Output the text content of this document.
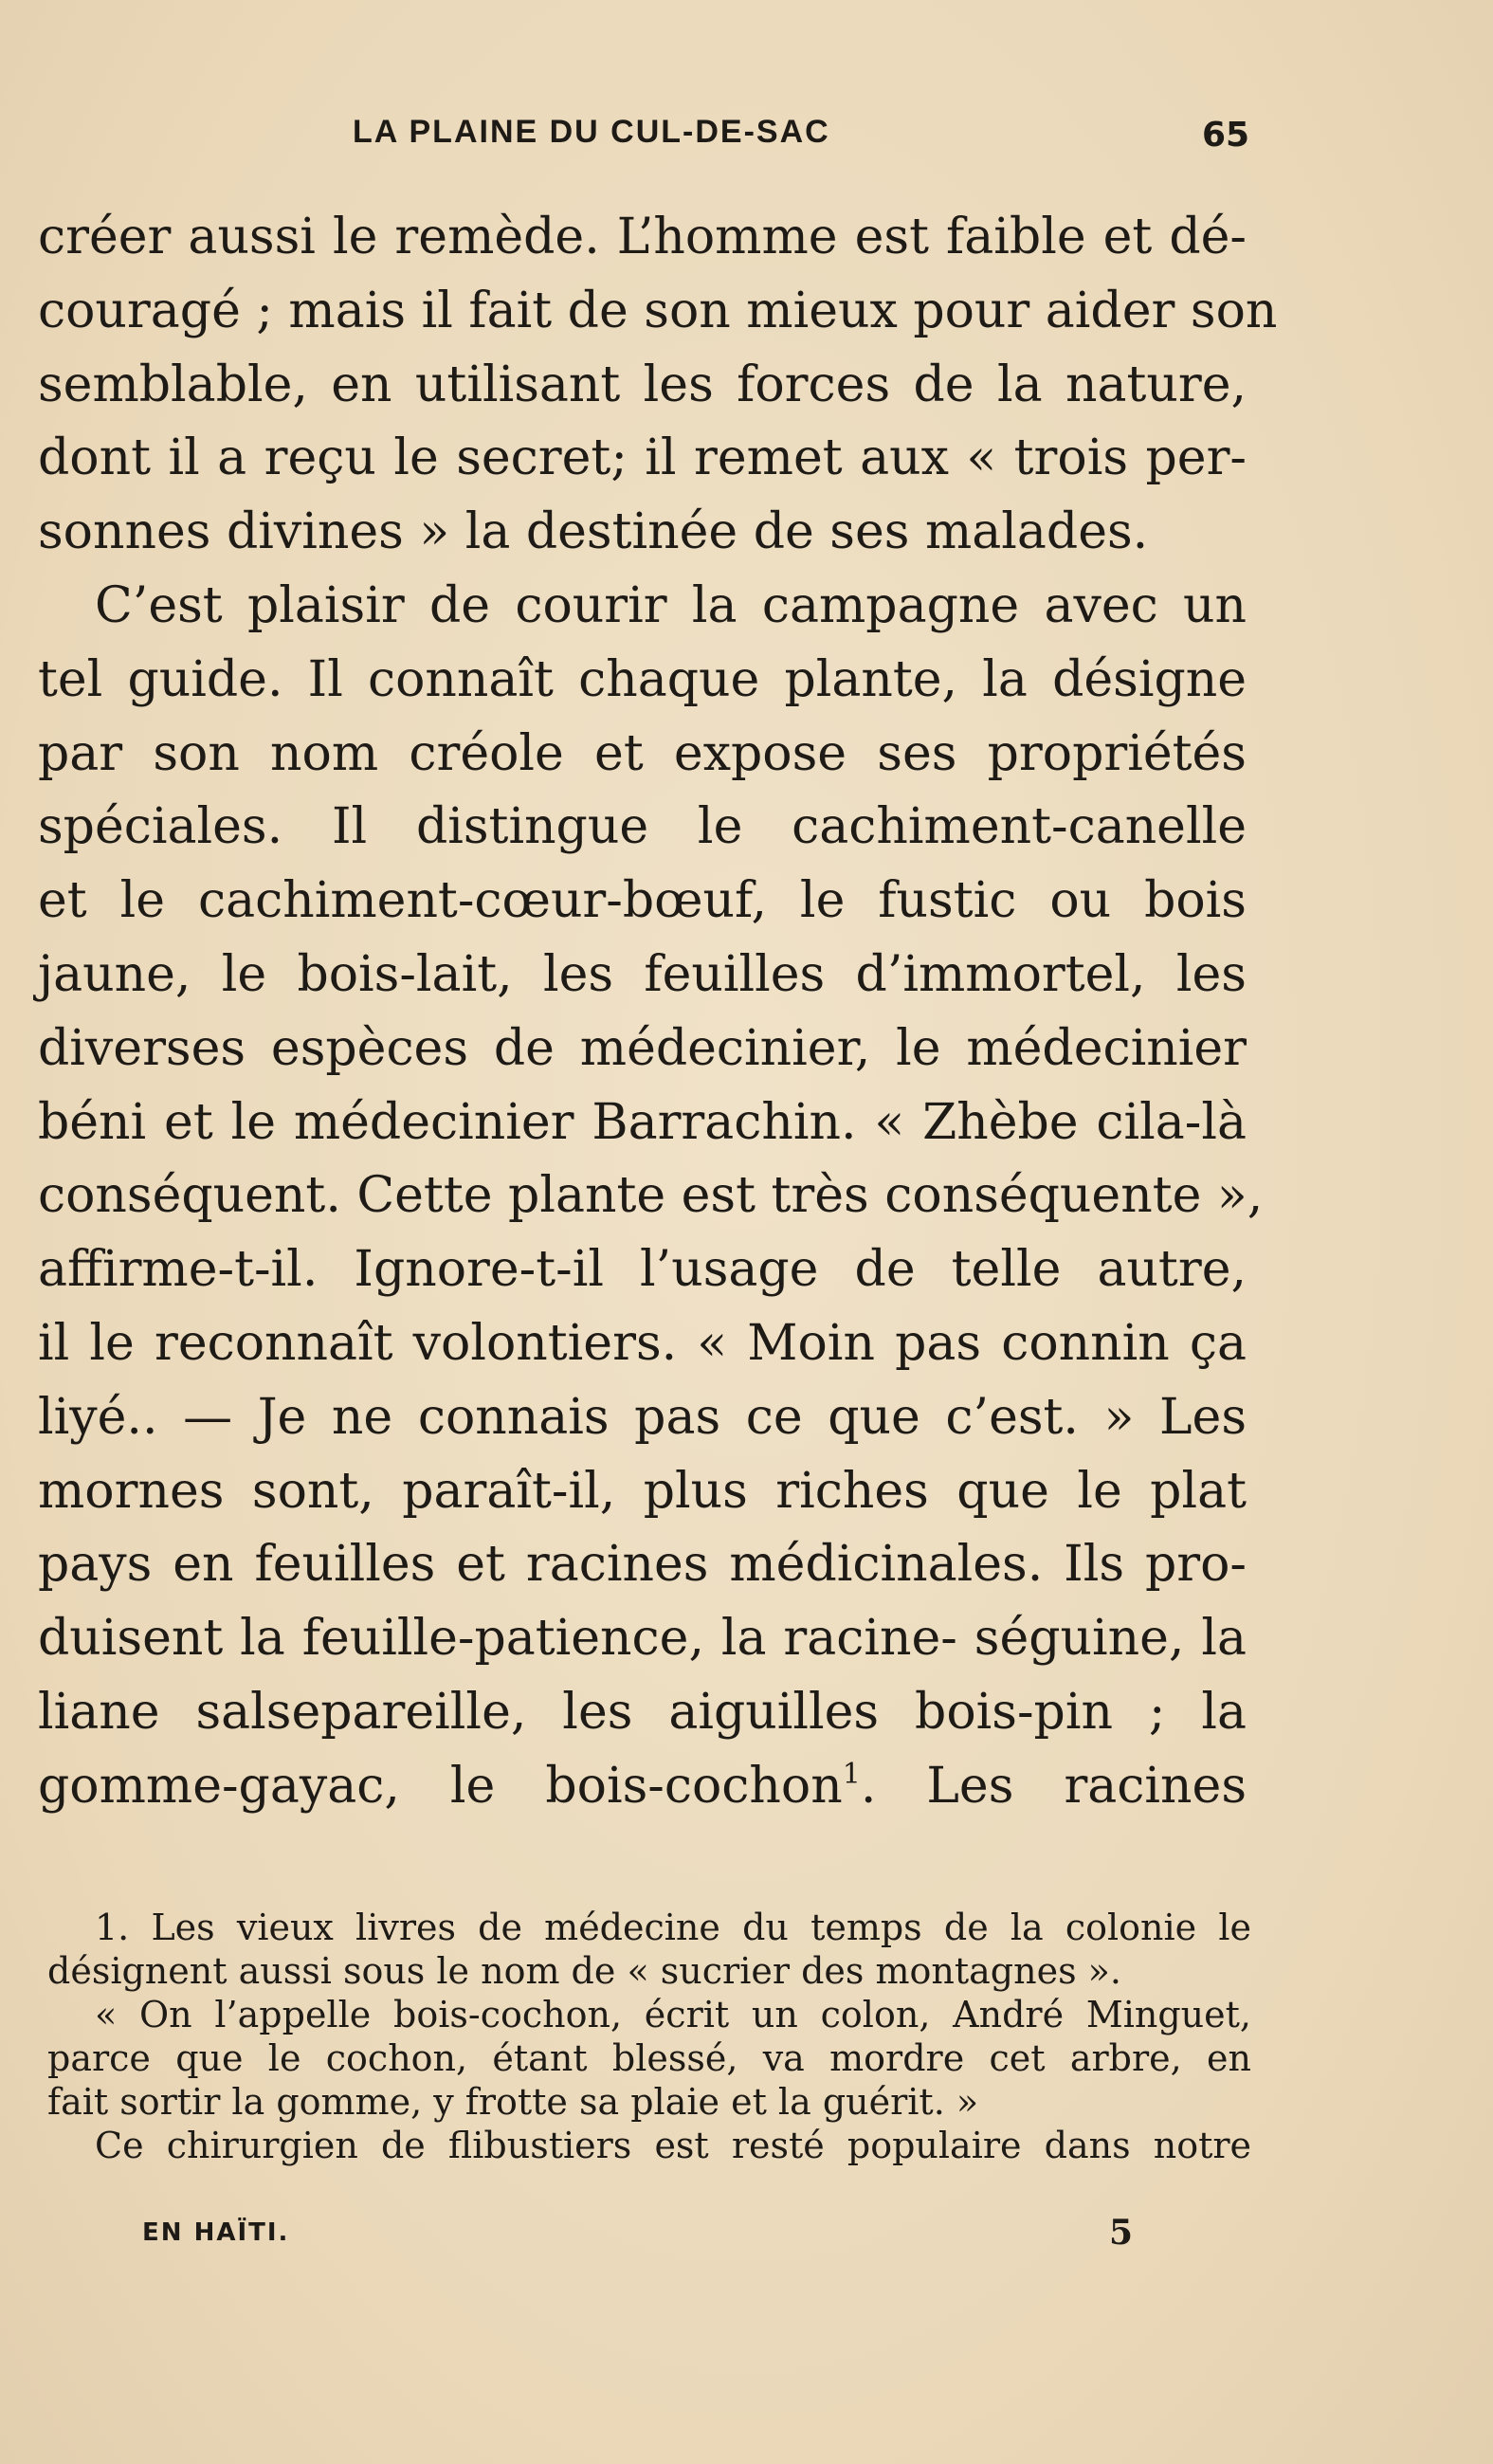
LA PLAINE DU CUL-DE-SAC	65
créer aussi le remède. L’homme est faible et dé-
couragé ; mais il fait de son mieux pour aider son
semblable, en utilisant les forces de la nature,
dont il a reçu le secret; il remet aux « trois per-
sonnes divines » la destinée de ses malades.
C’est plaisir de courir la campagne avec un
tel guide. Il connaît chaque plante, la désigne
par son nom créole et expose ses propriétés
spéciales. Il distingue le cachiment-canelle
et le cachiment-cœur-bœuf, le fustic ou bois
jaune, le bois-lait, les feuilles d’immortel, les
diverses espèces de médecinier, le médecinier
béni et le médecinier Barrachin. « Zhèbe cila-là
conséquent. Cette plante est très conséquente »,
affirme-t-il. Ignore-t-il l’usage de telle autre,
il le reconnaît volontiers. « Moin pas connin ça
liyé.. — Je ne connais pas ce que c’est. » Les
mornes sont, paraît-il, plus riches que le plat
pays en feuilles et racines médicinales. Ils pro-
duisent la feuille-patience, la racine- séguine, la
liane salsepareille, les aiguilles bois-pin ; la
gomme-gayac, le bois-cochon$^1$. Les racines
1. Les vieux livres de médecine du temps de la colonie le
désignent aussi sous le nom de « sucrier des montagnes ».
« On l’appelle bois-cochon, écrit un colon, André Minguet,
parce que le cochon, étant blessé, va mordre cet arbre, en
fait sortir la gomme, y frotte sa plaie et la guérit. »
Ce chirurgien de flibustiers est resté populaire dans notre
EN HAÏTI.	5
